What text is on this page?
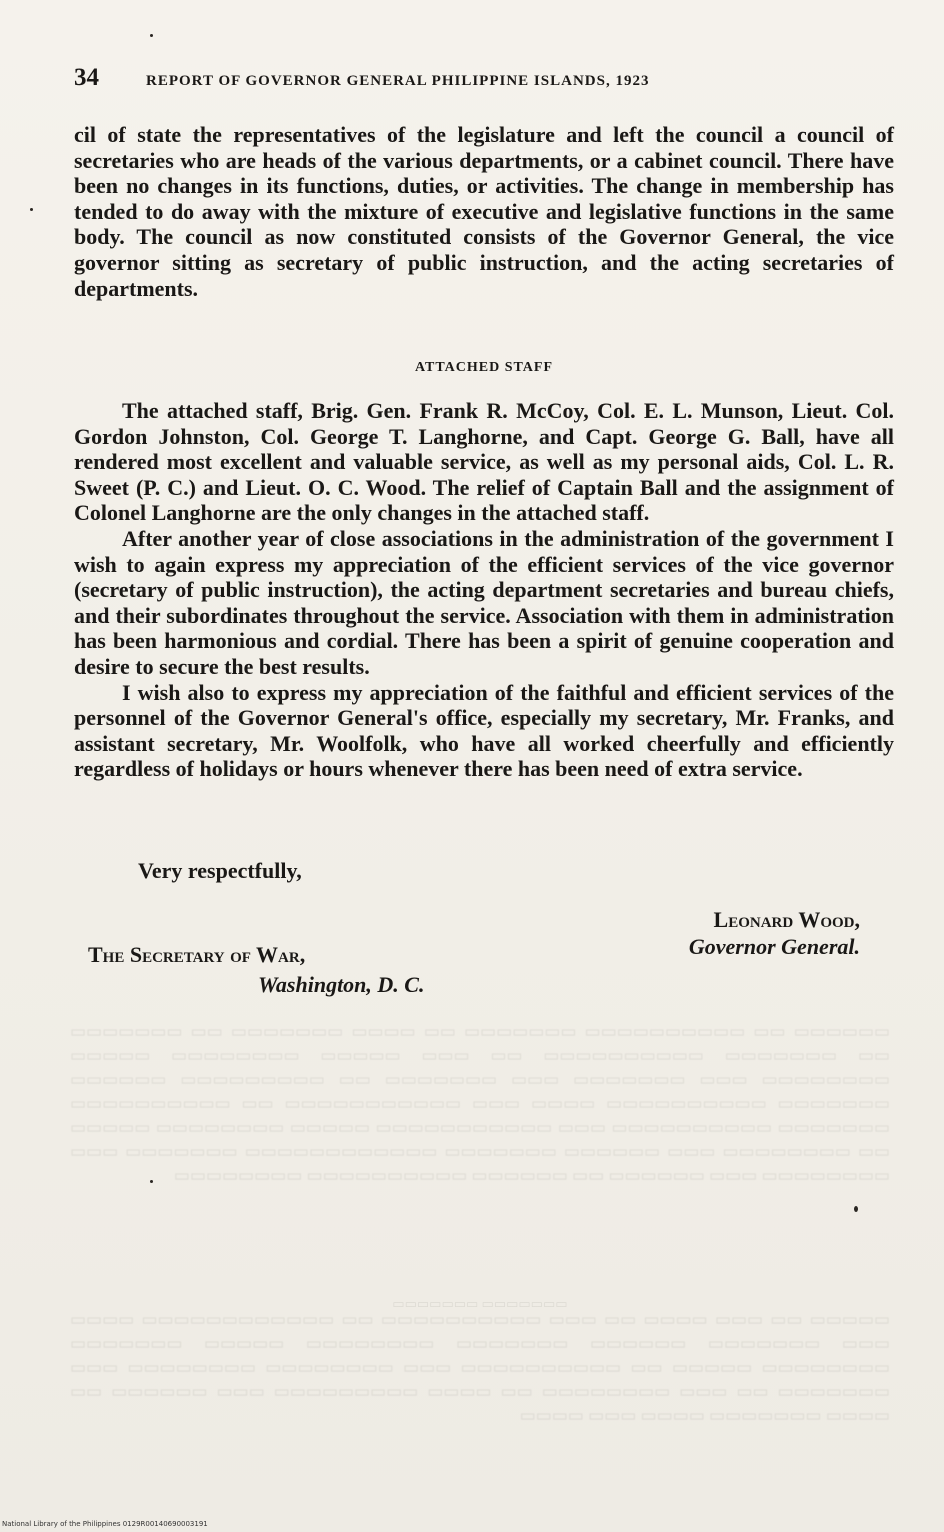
34	REPORT OF GOVERNOR GENERAL PHILIPPINE ISLANDS, 1923

cil of state the representatives of the legislature and left the council a council of secretaries who are heads of the various departments, or a cabinet council. There have been no changes in its functions, duties, or activities. The change in membership has tended to do away with the mixture of executive and legislative functions in the same body. The council as now constituted consists of the Governor General, the vice governor sitting as secretary of public instruction, and the acting secretaries of departments.

ATTACHED STAFF

The attached staff, Brig. Gen. Frank R. McCoy, Col. E. L. Munson, Lieut. Col. Gordon Johnston, Col. George T. Langhorne, and Capt. George G. Ball, have all rendered most excellent and valuable service, as well as my personal aids, Col. L. R. Sweet (P. C.) and Lieut. O. C. Wood. The relief of Captain Ball and the assignment of Colonel Langhorne are the only changes in the attached staff.

After another year of close associations in the administration of the government I wish to again express my appreciation of the efficient services of the vice governor (secretary of public instruction), the acting department secretaries and bureau chiefs, and their subordinates throughout the service. Association with them in administration has been harmonious and cordial. There has been a spirit of genuine cooperation and desire to secure the best results.

I wish also to express my appreciation of the faithful and efficient services of the personnel of the Governor General's office, especially my secretary, Mr. Franks, and assistant secretary, Mr. Woolfolk, who have all worked cheerfully and efficiently regardless of holidays or hours whenever there has been need of extra service.

Very respectfully,
Leonard Wood,
Governor General.
The Secretary of War,
Washington, D. C.
▭▭▭▭▭▭ ▭▭ ▭▭▭▭▭▭▭▭▭▭ ▭▭▭▭▭▭▭ ▭▭ ▭▭▭▭ ▭▭▭▭▭▭▭ ▭▭ ▭▭▭▭▭▭▭ ▭▭ ▭▭▭▭▭▭▭ ▭▭▭▭▭▭▭▭▭▭ ▭▭ ▭▭▭ ▭▭▭▭▭ ▭▭▭▭▭▭▭▭ ▭▭▭▭▭ ▭▭▭▭▭▭▭▭ ▭▭▭ ▭▭▭▭▭▭▭ ▭▭▭ ▭▭▭▭▭▭▭ ▭▭ ▭▭▭▭▭▭▭▭▭ ▭▭▭▭▭▭ ▭▭▭▭▭▭▭ ▭▭▭▭▭▭▭▭▭▭ ▭▭▭▭ ▭▭▭ ▭▭▭▭▭▭▭▭▭▭▭ ▭▭ ▭▭▭▭▭▭▭▭▭▭ ▭▭▭▭▭▭▭ ▭▭▭▭▭▭▭▭▭▭ ▭▭▭ ▭▭▭▭▭▭▭▭▭▭▭ ▭▭▭▭▭ ▭▭▭▭▭▭▭▭ ▭▭▭▭▭ ▭▭ ▭▭▭▭▭▭▭▭ ▭▭▭ ▭▭▭▭▭▭ ▭▭▭▭▭▭▭ ▭▭▭▭▭▭▭▭▭▭▭▭ ▭▭▭▭▭▭▭ ▭▭▭ ▭▭▭▭▭▭▭▭ ▭▭▭ ▭▭▭▭▭▭ ▭▭ ▭▭▭▭▭▭ ▭▭▭▭▭▭▭▭▭▭ ▭▭▭▭▭▭▭▭
▭▭▭▭▭▭▭ ▭▭▭▭▭▭▭
▭▭▭▭▭ ▭▭ ▭▭▭ ▭▭▭▭ ▭▭ ▭▭▭ ▭▭▭▭▭▭▭▭▭▭ ▭▭ ▭▭▭▭▭▭▭▭▭▭▭▭ ▭▭▭▭ ▭▭▭ ▭▭▭▭▭▭▭ ▭▭▭▭▭▭ ▭▭▭▭▭▭▭ ▭▭▭▭▭▭▭▭ ▭▭▭▭▭ ▭▭▭▭▭▭▭ ▭▭▭▭▭▭▭▭ ▭▭▭▭▭ ▭▭ ▭▭▭▭▭▭▭▭▭▭ ▭▭▭ ▭▭▭▭▭▭▭▭ ▭▭▭▭▭▭▭▭ ▭▭▭ ▭▭▭▭▭▭▭ ▭▭ ▭▭▭ ▭▭▭▭▭▭▭▭ ▭▭ ▭▭▭▭ ▭▭▭▭▭▭▭▭▭ ▭▭▭ ▭▭▭▭▭▭ ▭▭ ▭▭▭▭ ▭▭▭▭▭▭▭ ▭▭▭▭ ▭▭▭ ▭▭▭▭
National Library of the Philippines 0129R00140690003191
